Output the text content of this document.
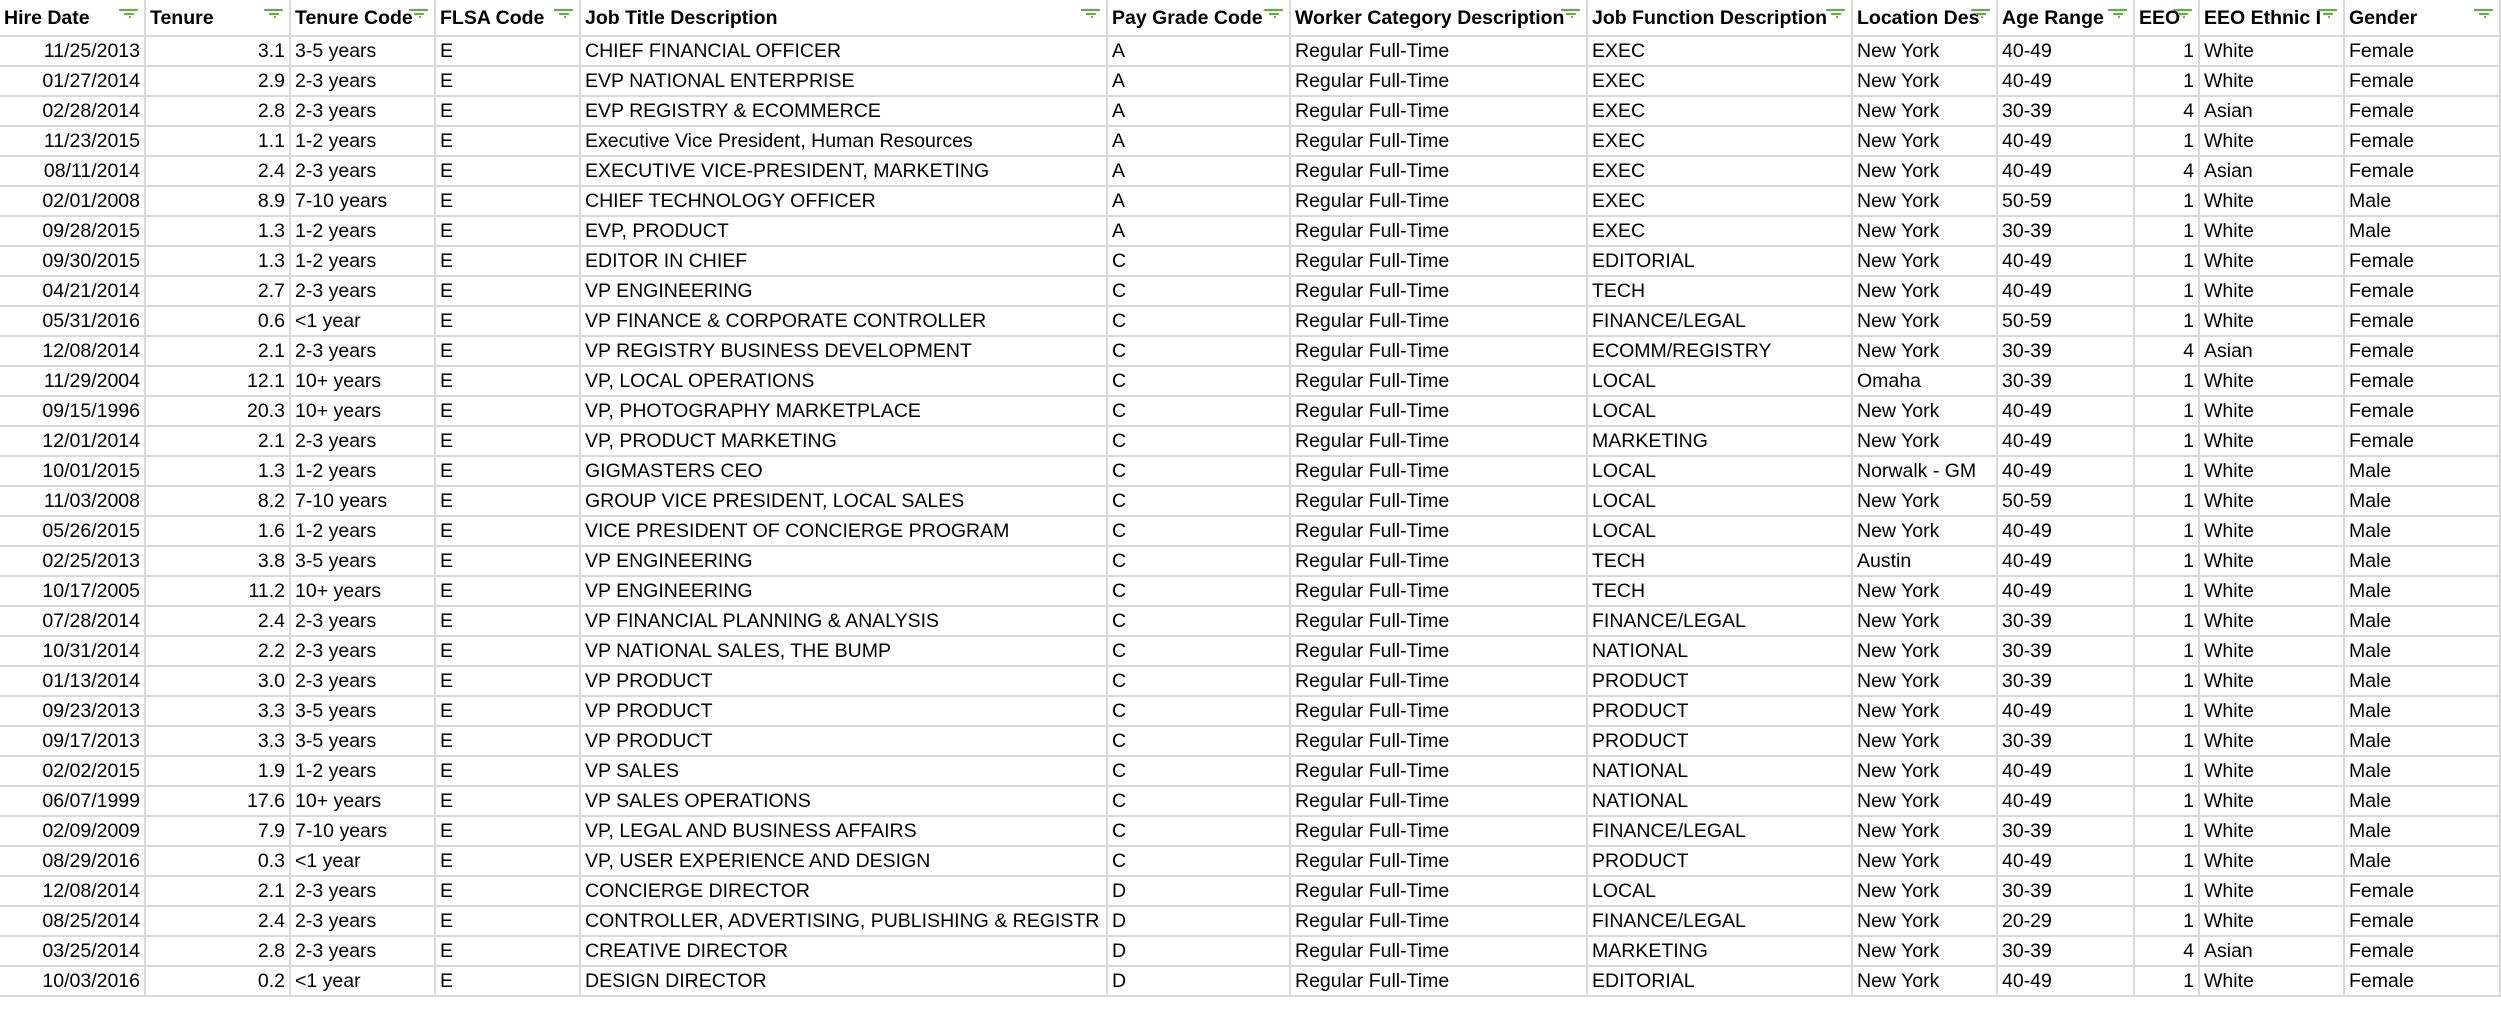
Hire Date	Tenure	Tenure Code	FLSA Code	Job Title Description	Pay Grade Code	Worker Category Description	Job Function Description	Location Des	Age Range	EEO	EEO Ethnic I	Gender

11/25/2013	3.1	3-5 years	E	CHIEF FINANCIAL OFFICER	A	Regular Full-Time	EXEC	New York	40-49	1	White	Female
01/27/2014	2.9	2-3 years	E	EVP NATIONAL ENTERPRISE	A	Regular Full-Time	EXEC	New York	40-49	1	White	Female
02/28/2014	2.8	2-3 years	E	EVP REGISTRY & ECOMMERCE	A	Regular Full-Time	EXEC	New York	30-39	4	Asian	Female
11/23/2015	1.1	1-2 years	E	Executive Vice President, Human Resources	A	Regular Full-Time	EXEC	New York	40-49	1	White	Female
08/11/2014	2.4	2-3 years	E	EXECUTIVE VICE-PRESIDENT, MARKETING	A	Regular Full-Time	EXEC	New York	40-49	4	Asian	Female
02/01/2008	8.9	7-10 years	E	CHIEF TECHNOLOGY OFFICER	A	Regular Full-Time	EXEC	New York	50-59	1	White	Male
09/28/2015	1.3	1-2 years	E	EVP, PRODUCT	A	Regular Full-Time	EXEC	New York	30-39	1	White	Male
09/30/2015	1.3	1-2 years	E	EDITOR IN CHIEF	C	Regular Full-Time	EDITORIAL	New York	40-49	1	White	Female
04/21/2014	2.7	2-3 years	E	VP ENGINEERING	C	Regular Full-Time	TECH	New York	40-49	1	White	Female
05/31/2016	0.6	<1 year	E	VP FINANCE & CORPORATE CONTROLLER	C	Regular Full-Time	FINANCE/LEGAL	New York	50-59	1	White	Female
12/08/2014	2.1	2-3 years	E	VP REGISTRY BUSINESS DEVELOPMENT	C	Regular Full-Time	ECOMM/REGISTRY	New York	30-39	4	Asian	Female
11/29/2004	12.1	10+ years	E	VP, LOCAL OPERATIONS	C	Regular Full-Time	LOCAL	Omaha	30-39	1	White	Female
09/15/1996	20.3	10+ years	E	VP, PHOTOGRAPHY MARKETPLACE	C	Regular Full-Time	LOCAL	New York	40-49	1	White	Female
12/01/2014	2.1	2-3 years	E	VP, PRODUCT MARKETING	C	Regular Full-Time	MARKETING	New York	40-49	1	White	Female
10/01/2015	1.3	1-2 years	E	GIGMASTERS CEO	C	Regular Full-Time	LOCAL	Norwalk - GM	40-49	1	White	Male
11/03/2008	8.2	7-10 years	E	GROUP VICE PRESIDENT, LOCAL SALES	C	Regular Full-Time	LOCAL	New York	50-59	1	White	Male
05/26/2015	1.6	1-2 years	E	VICE PRESIDENT OF CONCIERGE PROGRAM	C	Regular Full-Time	LOCAL	New York	40-49	1	White	Male
02/25/2013	3.8	3-5 years	E	VP ENGINEERING	C	Regular Full-Time	TECH	Austin	40-49	1	White	Male
10/17/2005	11.2	10+ years	E	VP ENGINEERING	C	Regular Full-Time	TECH	New York	40-49	1	White	Male
07/28/2014	2.4	2-3 years	E	VP FINANCIAL PLANNING & ANALYSIS	C	Regular Full-Time	FINANCE/LEGAL	New York	30-39	1	White	Male
10/31/2014	2.2	2-3 years	E	VP NATIONAL SALES, THE BUMP	C	Regular Full-Time	NATIONAL	New York	30-39	1	White	Male
01/13/2014	3.0	2-3 years	E	VP PRODUCT	C	Regular Full-Time	PRODUCT	New York	30-39	1	White	Male
09/23/2013	3.3	3-5 years	E	VP PRODUCT	C	Regular Full-Time	PRODUCT	New York	40-49	1	White	Male
09/17/2013	3.3	3-5 years	E	VP PRODUCT	C	Regular Full-Time	PRODUCT	New York	30-39	1	White	Male
02/02/2015	1.9	1-2 years	E	VP SALES	C	Regular Full-Time	NATIONAL	New York	40-49	1	White	Male
06/07/1999	17.6	10+ years	E	VP SALES OPERATIONS	C	Regular Full-Time	NATIONAL	New York	40-49	1	White	Male
02/09/2009	7.9	7-10 years	E	VP, LEGAL AND BUSINESS AFFAIRS	C	Regular Full-Time	FINANCE/LEGAL	New York	30-39	1	White	Male
08/29/2016	0.3	<1 year	E	VP, USER EXPERIENCE AND DESIGN	C	Regular Full-Time	PRODUCT	New York	40-49	1	White	Male
12/08/2014	2.1	2-3 years	E	CONCIERGE DIRECTOR	D	Regular Full-Time	LOCAL	New York	30-39	1	White	Female
08/25/2014	2.4	2-3 years	E	CONTROLLER, ADVERTISING, PUBLISHING & REGISTR	D	Regular Full-Time	FINANCE/LEGAL	New York	20-29	1	White	Female
03/25/2014	2.8	2-3 years	E	CREATIVE DIRECTOR	D	Regular Full-Time	MARKETING	New York	30-39	4	Asian	Female
10/03/2016	0.2	<1 year	E	DESIGN DIRECTOR	D	Regular Full-Time	EDITORIAL	New York	40-49	1	White	Female
